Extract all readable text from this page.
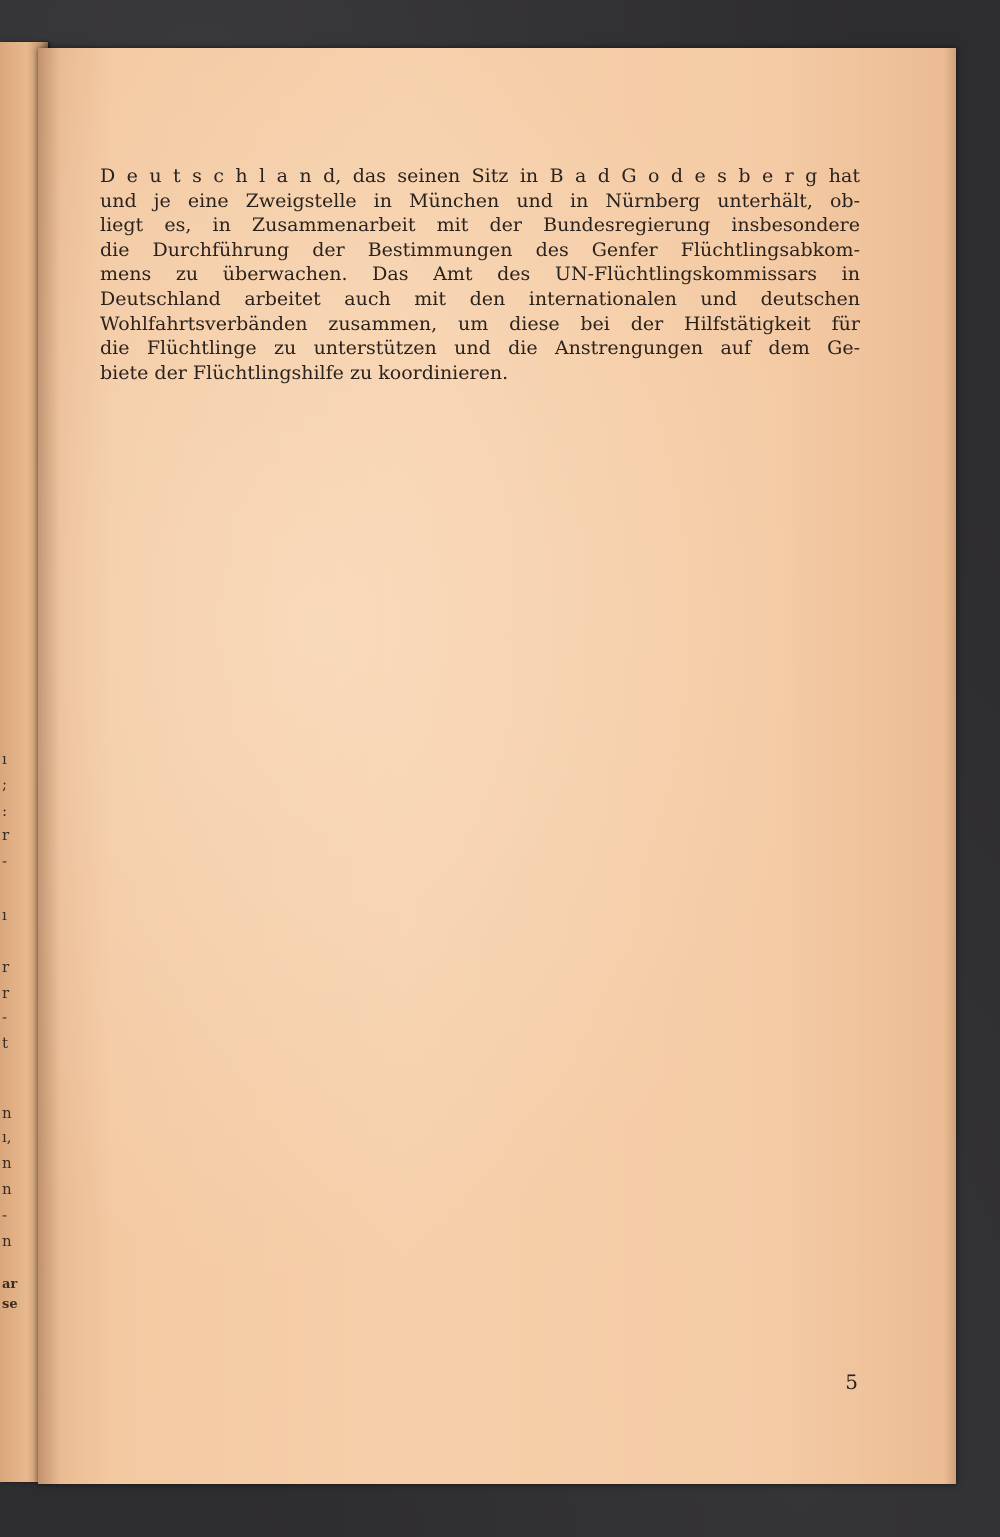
ı
;
:
r
-
ı
r
r
-
t
n
ı,
n
n
-
n
ar
se

D e u t s c h l a n d, das seinen Sitz in B a d G o d e s b e r g hat
und je eine Zweigstelle in München und in Nürnberg unterhält, ob-
liegt es, in Zusammenarbeit mit der Bundesregierung insbesondere
die Durchführung der Bestimmungen des Genfer Flüchtlingsabkom-
mens zu überwachen. Das Amt des UN-Flüchtlingskommissars in
Deutschland arbeitet auch mit den internationalen und deutschen
Wohlfahrtsverbänden zusammen, um diese bei der Hilfstätigkeit für
die Flüchtlinge zu unterstützen und die Anstrengungen auf dem Ge-
biete der Flüchtlingshilfe zu koordinieren.

5
